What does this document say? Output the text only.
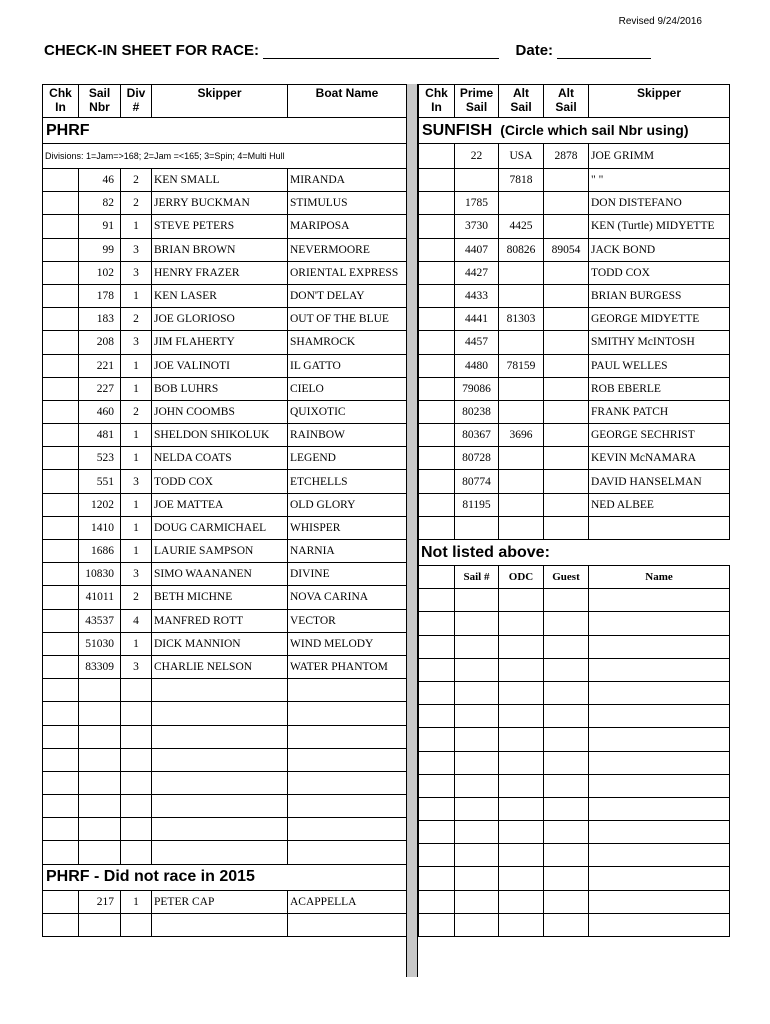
Revised 9/24/2016
CHECK-IN SHEET FOR RACE:	Date:
Chk In	Sail Nbr	Div #	Skipper	Boat Name
PHRF				
Divisions: 1=Jam=>168; 2=Jam =<165; 3=Spin; 4=Multi Hull				
	46	2	KEN SMALL	MIRANDA
	82	2	JERRY BUCKMAN	STIMULUS
	91	1	STEVE PETERS	MARIPOSA
	99	3	BRIAN BROWN	NEVERMOORE
	102	3	HENRY FRAZER	ORIENTAL EXPRESS
	178	1	KEN LASER	DON'T DELAY
	183	2	JOE GLORIOSO	OUT OF THE BLUE
	208	3	JIM FLAHERTY	SHAMROCK
	221	1	JOE VALINOTI	IL GATTO
	227	1	BOB LUHRS	CIELO
	460	2	JOHN COOMBS	QUIXOTIC
	481	1	SHELDON SHIKOLUK	RAINBOW
	523	1	NELDA COATS	LEGEND
	551	3	TODD COX	ETCHELLS
	1202	1	JOE MATTEA	OLD GLORY
	1410	1	DOUG CARMICHAEL	WHISPER
	1686	1	LAURIE SAMPSON	NARNIA
	10830	3	SIMO WAANANEN	DIVINE
	41011	2	BETH MICHNE	NOVA CARINA
	43537	4	MANFRED ROTT	VECTOR
	51030	1	DICK MANNION	WIND MELODY
	83309	3	CHARLIE NELSON	WATER PHANTOM

PHRF - Did not race in 2015				
	217	1	PETER CAP	ACAPPELLA

Chk In	Prime Sail	Alt Sail	Alt Sail	Skipper
SUNFISH (Circle which sail Nbr using)				
	22	USA	2878	JOE GRIMM
		7818		" "
	1785			DON DISTEFANO
	3730	4425		KEN (Turtle) MIDYETTE
	4407	80826	89054	JACK BOND
	4427			TODD COX
	4433			BRIAN BURGESS
	4441	81303		GEORGE MIDYETTE
	4457			SMITHY McINTOSH
	4480	78159		PAUL WELLES
	79086			ROB EBERLE
	80238			FRANK PATCH
	80367	3696		GEORGE SECHRIST
	80728			KEVIN McNAMARA
	80774			DAVID HANSELMAN
	81195			NED ALBEE

Not listed above:				
	Sail #	ODC	Guest	Name
